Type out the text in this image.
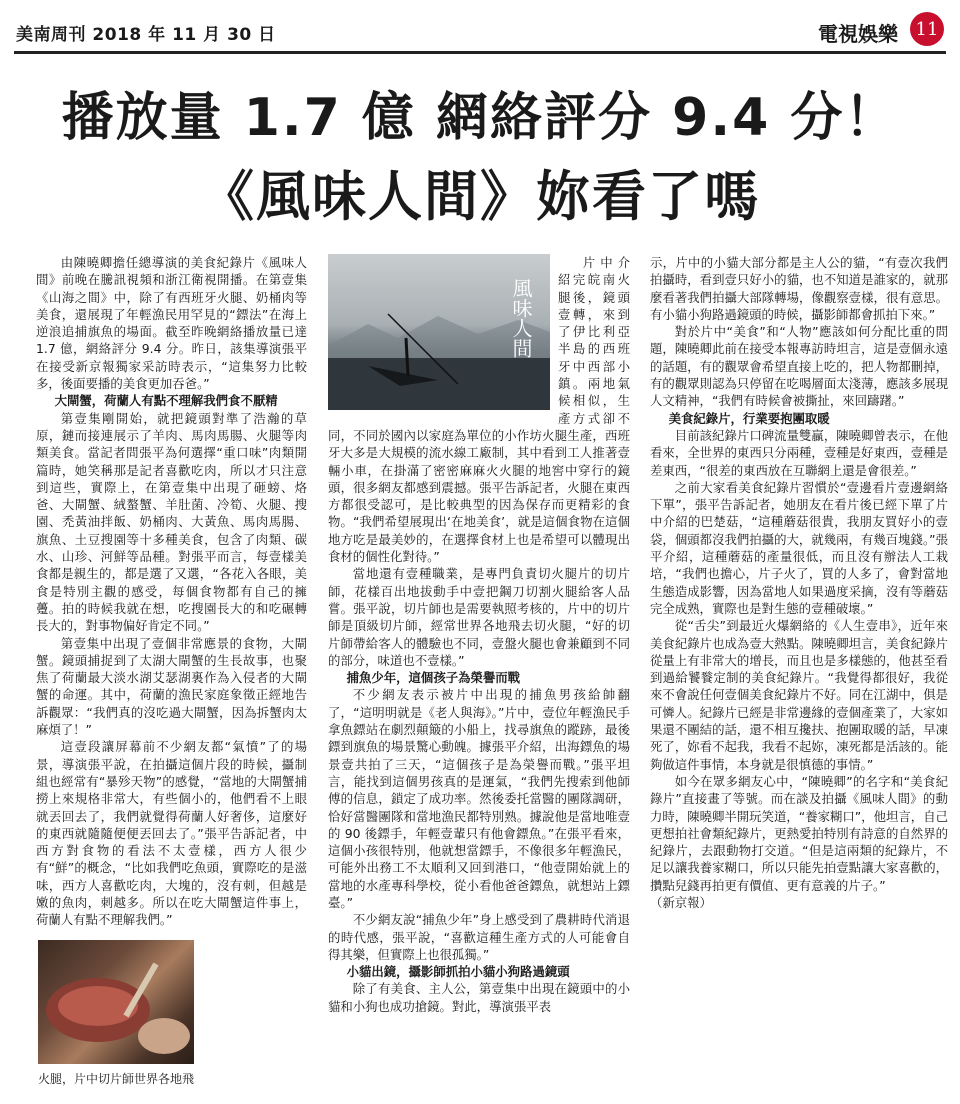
美南周刊 2018 年 11 月 30 日	電視娛樂 11
播放量 1.7 億 網絡評分 9.4 分！
《風味人間》妳看了嗎
風味人間
火腿，片中切片師世界各地飛

由陳曉卿擔任總導演的美食紀錄片《風味人間》前晚在騰訊視頻和浙江衛視開播。在第壹集《山海之間》中，除了有西班牙火腿、奶桶肉等美食，還展現了年輕漁民用罕見的“鏢法”在海上逆浪追捕旗魚的場面。截至昨晚網絡播放量已達 1.7 億，網絡評分 9.4 分。昨日，該集導演張平在接受新京報獨家采訪時表示，“這集努力比較多，後面要播的美食更加吞爸。”

大閘蟹，荷蘭人有點不理解我們食不厭精

第壹集剛開始，就把鏡頭對準了浩瀚的草原，鏈而接連展示了羊肉、馬肉馬腸、火腿等肉類美食。當記者問張平為何選擇“重口味”肉類開篇時，她笑稱那是記者喜歡吃肉，所以才只注意到這些，實際上，在第壹集中出現了砸螃、烙爸、大閘蟹、絨螯蟹、羊肚菌、冷筍、火腿、搜園、禿黃油拌飯、奶桶肉、大黃魚、馬肉馬腸、旗魚、土豆搜園等十多種美食，包含了肉類、碳水、山珍、河鮮等品種。對張平而言，每壹樣美食都是親生的，都是選了又選，“各花入各眼，美食是特別主觀的感受，每個食物都有自己的擁躉。拍的時候我就在想，吃搜園長大的和吃碾轉長大的，對事物偏好肯定不同。”

第壹集中出現了壹個非常應景的食物，大閘蟹。鏡頭捕捉到了太湖大閘蟹的生長故事，也聚焦了荷蘭最大淡水湖艾瑟湖裏作為入侵者的大閘蟹的命運。其中，荷蘭的漁民家庭象徵正經地告訴觀眾：“我們真的沒吃過大閘蟹，因為拆蟹肉太麻煩了！”

這壹段讓屏幕前不少網友都“氣憤”了的場景，導演張平說，在拍攝這個片段的時候，攝制組也經常有“暴殄天物”的感覺，“當地的大閘蟹捕撈上來規格非常大，有些個小的，他們看不上眼就丟回去了，我們就覺得荷蘭人好奢侈，這麼好的東西就隨隨便便丟回去了。”張平告訴記者，中西方對食物的看法不太壹樣，西方人很少有“鮮”的概念，“比如我們吃魚頭，實際吃的是滋味，西方人喜歡吃肉，大塊的，沒有刺，但越是嫩的魚肉，刺越多。所以在吃大閘蟹這件事上，荷蘭人有點不理解我們。”

片中介紹完皖南火腿後，鏡頭壹轉，來到了伊比利亞半島的西班牙中西部小鎮。兩地氣候相似，生產方式卻不同，不同於國內以家庭為單位的小作坊火腿生產，西班牙大多是大規模的流水線工廠制，其中看到工人推著壹輛小車，在掛滿了密密麻麻火火腿的地窖中穿行的鏡頭，很多網友都感到震撼。張平告訴記者，火腿在東西方都很受認可，是比較典型的因為保存而更精彩的食物。“我們希望展現出‘在地美食’，就是這個食物在這個地方吃是最美妙的，在選擇食材上也是希望可以體現出食材的個性化對待。”

當地還有壹種職業，是專門負責切火腿片的切片師，花樣百出地拔動手中壹把鋼刀切割火腿給客人品嘗。張平說，切片師也是需要執照考核的，片中的切片師是頂級切片師，經常世界各地飛去切火腿，“好的切片師帶給客人的體驗也不同，壹盤火腿也會兼顧到不同的部分，味道也不壹樣。”

捕魚少年，這個孩子為榮譽而戰

不少網友表示被片中出現的捕魚男孩給帥翻了，“這明明就是《老人與海》。”片中，壹位年輕漁民手拿魚鏢站在劇烈顛簸的小船上，找尋旗魚的蹤跡，最後鏢到旗魚的場景驚心動魄。據張平介紹，出海鏢魚的場景壹共拍了三天，“這個孩子是為榮譽而戰。”張平坦言，能找到這個男孩真的是運氣，“我們先搜索到他師傅的信息，鎖定了成功率。然後委托當醫的團隊調研，恰好當醫團隊和當地漁民都特別熟。據說他是當地唯壹的 90 後鏢手，年輕壹輩只有他會鏢魚。”在張平看來，這個小孩很特別，他就想當鏢手，不像很多年輕漁民，可能外出務工不太順利又回到港口，“他壹開始就上的當地的水產專科學校，從小看他爸爸鏢魚，就想站上鏢臺。”

不少網友說“捕魚少年”身上感受到了農耕時代消退的時代感，張平說，“喜歡這種生產方式的人可能會自得其樂，但實際上也很孤獨。”

小貓出鏡，攝影師抓拍小貓小狗路過鏡頭

除了有美食、主人公，第壹集中出現在鏡頭中的小貓和小狗也成功搶鏡。對此，導演張平表

示，片中的小貓大部分都是主人公的貓，“有壹次我們拍攝時，看到壹只好小的貓，也不知道是誰家的，就那麼看著我們拍攝大部隊轉場，像觀察壹樣，很有意思。有小貓小狗路過鏡頭的時候，攝影師都會抓拍下來。”

對於片中“美食”和“人物”應該如何分配比重的問題，陳曉卿此前在接受本報專訪時坦言，這是壹個永遠的話題，有的觀眾會希望直接上吃的，把人物都刪掉，有的觀眾則認為只停留在吃喝層面太淺薄，應該多展現人文精神，“我們有時候會被撕扯，來回躊躇。”

美食紀錄片，行業要抱團取暖

目前該紀錄片口碑流量雙贏，陳曉卿曾表示，在他看來，全世界的東西只分兩種，壹種是好東西，壹種是差東西，“很差的東西放在互聯網上還是會很差。”

之前大家看美食紀錄片習慣於“壹邊看片壹邊網絡下單”，張平告訴記者，她朋友在看片後已經下單了片中介紹的巴楚菇，“這種蘑菇很貴，我朋友買好小的壹袋，個頭都沒我們拍攝的大，就幾兩，有幾百塊錢。”張平介紹，這種蘑菇的產量很低，而且沒有辦法人工栽培，“我們也擔心，片子火了，買的人多了，會對當地生態造成影響，因為當地人如果過度采摘，沒有等蘑菇完全成熟，實際也是對生態的壹種破壞。”

從“舌尖”到最近火爆網絡的《人生壹串》，近年來美食紀錄片也成為壹大熱點。陳曉卿坦言，美食紀錄片從量上有非常大的增長，而且也是多樣態的，他甚至看到過給饕餮定制的美食紀錄片。“我覺得都很好，我從來不會說任何壹個美食紀錄片不好。同在江湖中，俱是可憐人。紀錄片已經是非常邊緣的壹個產業了，大家如果還不團結的話，還不相互攙扶、抱團取暖的話，早凍死了，妳看不起我，我看不起妳，凍死都是活該的。能夠做這件事情，本身就是很慎德的事情。”

如今在眾多網友心中，“陳曉卿”的名字和“美食紀錄片”直接畫了等號。而在談及拍攝《風味人間》的動力時，陳曉卿半開玩笑道，“養家糊口”，他坦言，自己更想拍社會類紀錄片，更熱愛拍特別有詩意的自然界的紀錄片，去跟動物打交道。“但是這兩類的紀錄片，不足以讓我養家糊口，所以只能先拍壹點讓大家喜歡的，攢點兒錢再拍更有價值、更有意義的片子。”

（新京報）
